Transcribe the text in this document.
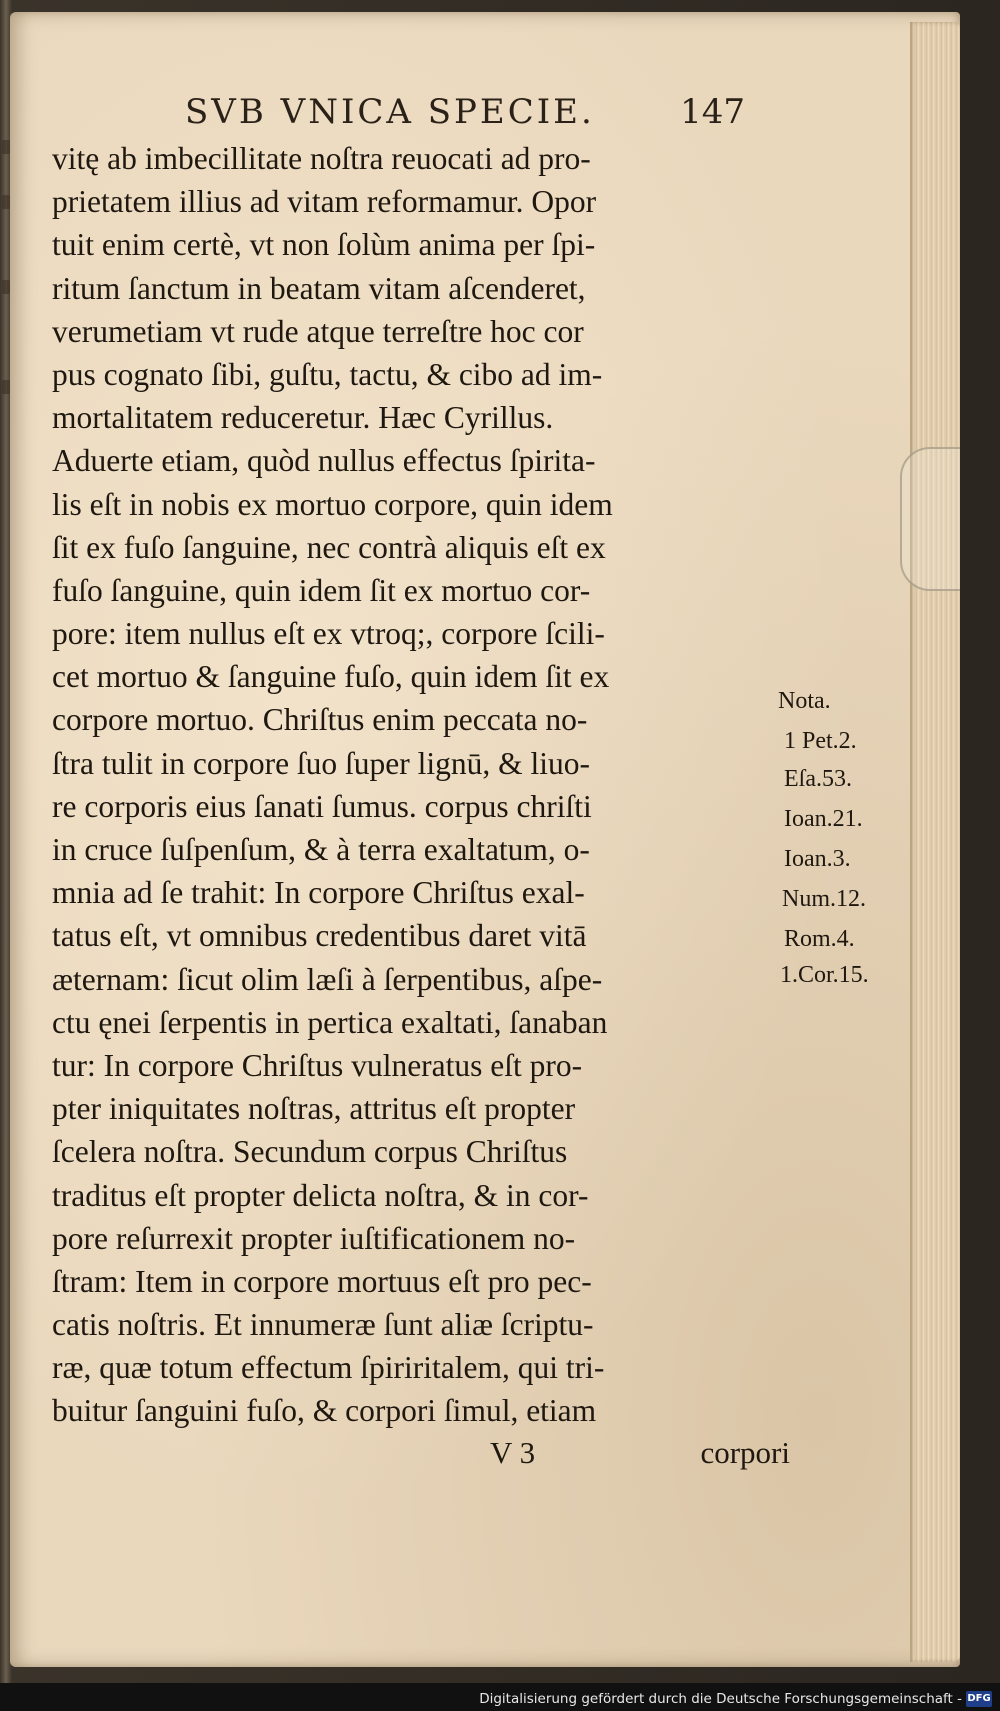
SVB VNICA SPECIE.	147
vitę ab imbecillitate noſtra reuocati ad pro-
prietatem illius ad vitam reformamur. Opor
tuit enim certè, vt non ſolùm anima per ſpi-
ritum ſanctum in beatam vitam aſcenderet,
verumetiam vt rude atque terreſtre hoc cor
pus cognato ſibi, guſtu, tactu, & cibo ad im-
mortalitatem reduceretur. Hæc Cyrillus.
Aduerte etiam, quòd nullus effectus ſpirita-
lis eſt in nobis ex mortuo corpore, quin idem
ſit ex fuſo ſanguine, nec contrà aliquis eſt ex
fuſo ſanguine, quin idem ſit ex mortuo cor-
pore: item nullus eſt ex vtroq;, corpore ſcili-
cet mortuo & ſanguine fuſo, quin idem ſit ex
corpore mortuo. Chriſtus enim peccata no-
ſtra tulit in corpore ſuo ſuper lignū, & liuo-
re corporis eius ſanati ſumus. corpus chriſti
in cruce ſuſpenſum, & à terra exaltatum, o-
mnia ad ſe trahit: In corpore Chriſtus exal-
tatus eſt, vt omnibus credentibus daret vitā
æternam: ſicut olim læſi à ſerpentibus, aſpe-
ctu ęnei ſerpentis in pertica exaltati, ſanaban
tur: In corpore Chriſtus vulneratus eſt pro-
pter iniquitates noſtras, attritus eſt propter
ſcelera noſtra. Secundum corpus Chriſtus
traditus eſt propter delicta noſtra, & in cor-
pore reſurrexit propter iuſtificationem no-
ſtram: Item in corpore mortuus eſt pro pec-
catis noſtris. Et innumeræ ſunt aliæ ſcriptu-
ræ, quæ totum effectum ſpiriritalem, qui tri-
buitur ſanguini fuſo, & corpori ſimul, etiam
Nota.
1 Pet.2.
Eſa.53.
Ioan.21.
Ioan.3.
Num.12.
Rom.4.
1.Cor.15.
V 3	corpori
Digitalisierung gefördert durch die Deutsche Forschungsgemeinschaft - DFG
